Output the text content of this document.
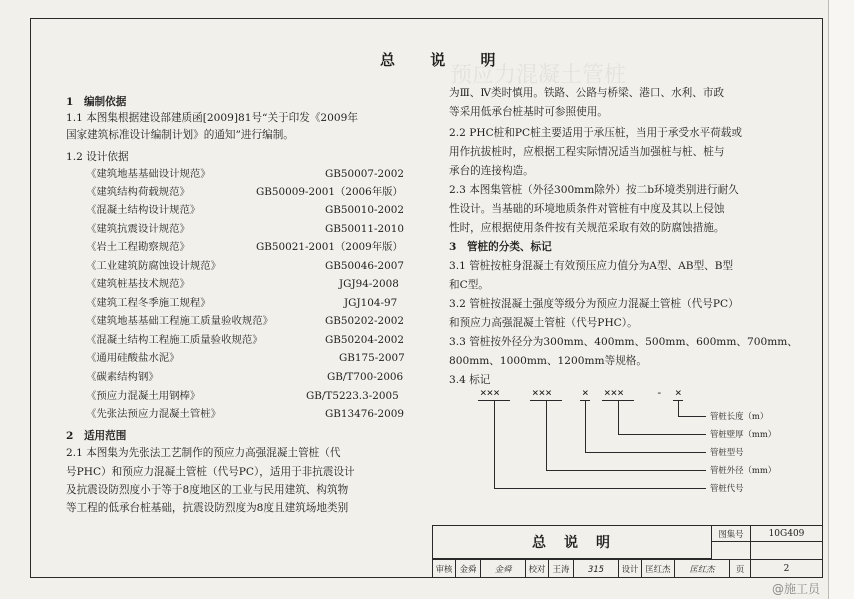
预应力混凝土管桩
总 说 明
1　编制依据
1.1 本图集根据建设部建质函[2009]81号“关于印发《2009年
国家建筑标准设计编制计划》的通知”进行编制。
1.2 设计依据
《建筑地基基础设计规范》	GB50007-2002
《建筑结构荷载规范》	GB50009-2001（2006年版）
《混凝土结构设计规范》	GB50010-2002
《建筑抗震设计规范》	GB50011-2010
《岩土工程勘察规范》	GB50021-2001（2009年版）
《工业建筑防腐蚀设计规范》	GB50046-2007
《建筑桩基技术规范》	JGJ94-2008
《建筑工程冬季施工规程》	JGJ104-97
《建筑地基基础工程施工质量验收规范》	GB50202-2002
《混凝土结构工程施工质量验收规范》	GB50204-2002
《通用硅酸盐水泥》	GB175-2007
《碳素结构钢》	GB/T700-2006
《预应力混凝土用钢棒》	GB/T5223.3-2005
《先张法预应力混凝土管桩》	GB13476-2009
2　适用范围
2.1 本图集为先张法工艺制作的预应力高强混凝土管桩（代
号PHC）和预应力混凝土管桩（代号PC），适用于非抗震设计
及抗震设防烈度小于等于8度地区的工业与民用建筑、构筑物
等工程的低承台桩基础，抗震设防烈度为8度且建筑场地类别
为Ⅲ、Ⅳ类时慎用。铁路、公路与桥梁、港口、水利、市政
等采用低承台桩基时可参照使用。
2.2 PHC桩和PC桩主要适用于承压桩，当用于承受水平荷载或
用作抗拔桩时，应根据工程实际情况适当加强桩与桩、桩与
承台的连接构造。
2.3 本图集管桩（外径300mm除外）按二b环境类别进行耐久
性设计。当基础的环境地质条件对管桩有中度及其以上侵蚀
性时，应根据使用条件按有关规范采取有效的防腐蚀措施。
3　管桩的分类、标记
3.1 管桩按桩身混凝土有效预压应力值分为A型、AB型、B型
和C型。
3.2 管桩按混凝土强度等级分为预应力混凝土管桩（代号PC）
和预应力高强混凝土管桩（代号PHC）。
3.3 管桩按外径分为300mm、400mm、500mm、600mm、700mm、
800mm、1000mm、1200mm等规格。
3.4 标记
×××	×××	× ×××	- ×
管桩长度（m）
管桩壁厚（mm）
管桩型号
管桩外径（mm）
管桩代号
总　说　明
图集号	10G409
审核 金舜	金舜	校对 王涛	315	设计 匡红杰	匡红杰	页	2
@施工员
